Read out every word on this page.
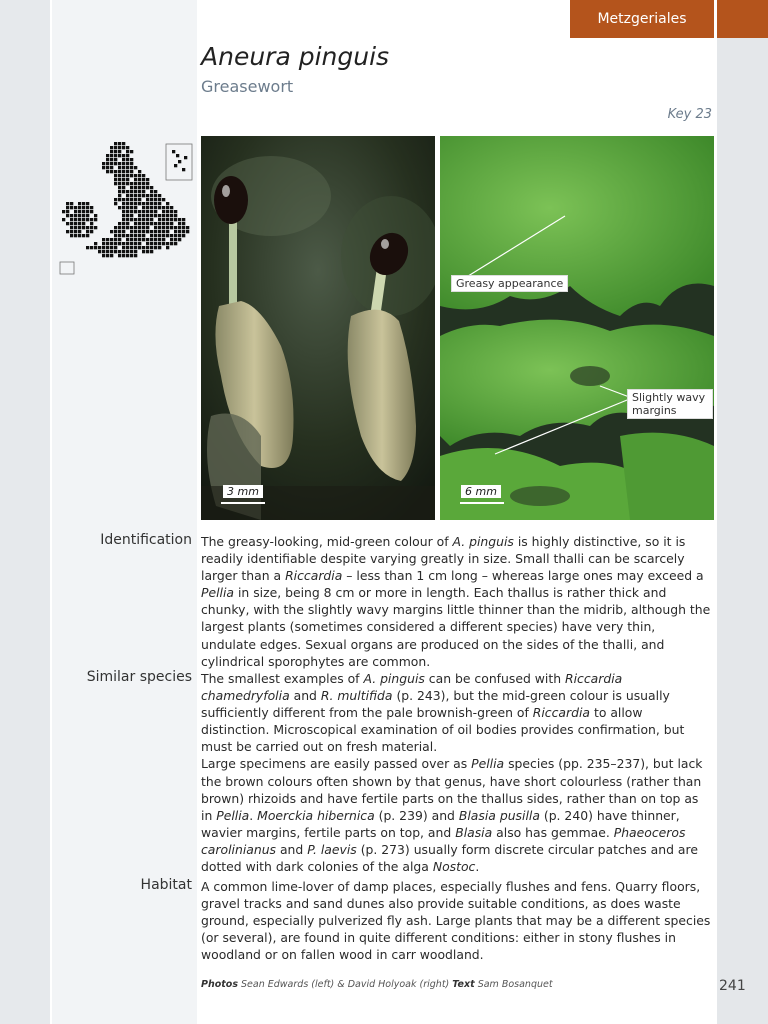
Metzgeriales
Aneura pinguis
Greasewort
Key 23
3 mm
Greasy appearance
Slightly wavy
margins
6 mm
Identification The greasy-looking, mid-green colour of A. pinguis is highly distinctive, so it is readily identifiable despite varying greatly in size. Small thalli can be scarcely larger than a Riccardia – less than 1 cm long – whereas large ones may exceed a Pellia in size, being 8 cm or more in length. Each thallus is rather thick and chunky, with the slightly wavy margins little thinner than the midrib, although the largest plants (sometimes considered a different species) have very thin, undulate edges. Sexual organs are produced on the sides of the thalli, and cylindrical sporophytes are common.

Similar species The smallest examples of A. pinguis can be confused with Riccardia chamedryfolia and R. multifida (p. 243), but the mid-green colour is usually sufficiently different from the pale brownish-green of Riccardia to allow distinction. Microscopical examination of oil bodies provides confirmation, but must be carried out on fresh material.

Large specimens are easily passed over as Pellia species (pp. 235–237), but lack the brown colours often shown by that genus, have short colourless (rather than brown) rhizoids and have fertile parts on the thallus sides, rather than on top as in Pellia. Moerckia hibernica (p. 239) and Blasia pusilla (p. 240) have thinner, wavier margins, fertile parts on top, and Blasia also has gemmae. Phaeoceros carolinianus and P. laevis (p. 273) usually form discrete circular patches and are dotted with dark colonies of the alga Nostoc.

Habitat A common lime-lover of damp places, especially flushes and fens. Quarry floors, gravel tracks and sand dunes also provide suitable conditions, as does waste ground, especially pulverized fly ash. Large plants that may be a different species (or several), are found in quite different conditions: either in stony flushes in woodland or on fallen wood in carr woodland.
Photos Sean Edwards (left) & David Holyoak (right) Text Sam Bosanquet	241
